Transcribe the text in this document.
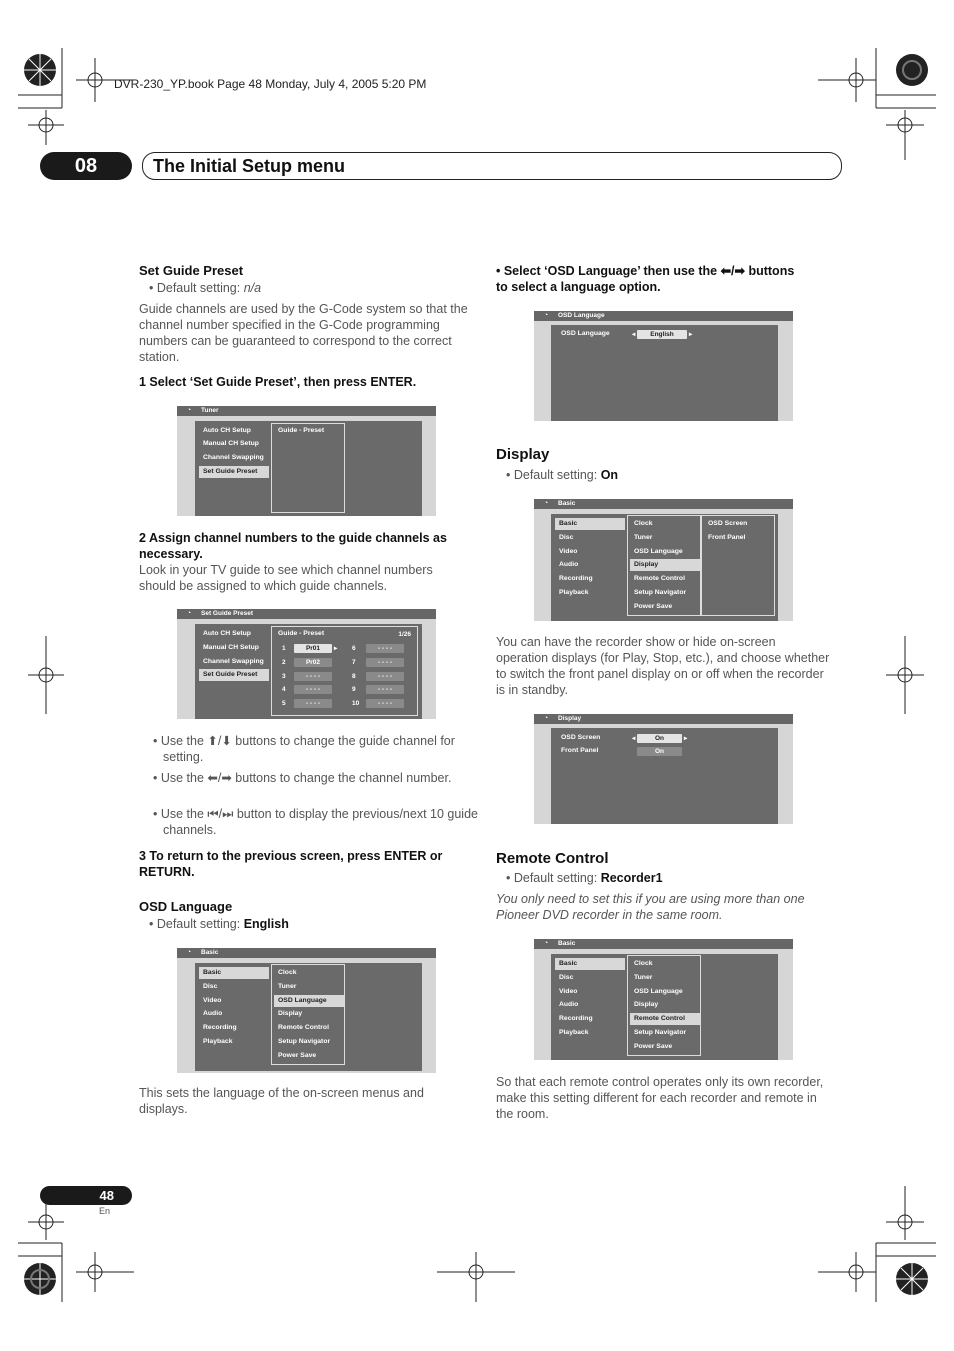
DVR-230_YP.book Page 48 Monday, July 4, 2005 5:20 PM
08	The Initial Setup menu
Set Guide Preset
• Default setting: n/a
Guide channels are used by the G-Code system so that the channel number specified in the G-Code programming numbers can be guaranteed to correspond to the correct station.
1 Select ‘Set Guide Preset’, then press ENTER.
◔	Tuner
Auto CH Setup
Manual CH Setup
Channel Swapping
Set Guide Preset
Guide - Preset
2 Assign channel numbers to the guide channels as necessary.
Look in your TV guide to see which channel numbers should be assigned to which guide channels.
◔	Set Guide Preset
Auto CH Setup
Manual CH Setup
Channel Swapping
Set Guide Preset
Guide - Preset	1/26
1	Pr01	6	- - - -
2	Pr02	7	- - - -
3	- - - -	8	- - - -
4	- - - -	9	- - - -
5	- - - -	10	- - - -
▸
• Use the ⬆/⬇ buttons to change the guide channel for setting.
• Use the ⬅/➡ buttons to change the channel number.
• Use the ⏮/⏭ button to display the previous/next 10 guide channels.
3 To return to the previous screen, press ENTER or RETURN.
OSD Language
• Default setting: English
◔	Basic
Basic
Disc
Video
Audio
Recording
Playback
Clock
Tuner
OSD Language
Display
Remote Control
Setup Navigator
Power Save
This sets the language of the on-screen menus and displays.
• Select ‘OSD Language’ then use the ⬅/➡ buttons to select a language option.
◔	OSD Language
OSD Language	◂	English	▸
Display
• Default setting: On
◔	Basic
Basic
Disc
Video
Audio
Recording
Playback
Clock
Tuner
OSD Language
Display
Remote Control
Setup Navigator
Power Save
OSD Screen
Front Panel
You can have the recorder show or hide on-screen operation displays (for Play, Stop, etc.), and choose whether to switch the front panel display on or off when the recorder is in standby.
◔	Display
OSD Screen	◂	On	▸
Front Panel	On
Remote Control
• Default setting: Recorder1
You only need to set this if you are using more than one Pioneer DVD recorder in the same room.
◔	Basic
Basic
Disc
Video
Audio
Recording
Playback
Clock
Tuner
OSD Language
Display
Remote Control
Setup Navigator
Power Save
So that each remote control operates only its own recorder, make this setting different for each recorder and remote in the room.
48
En
